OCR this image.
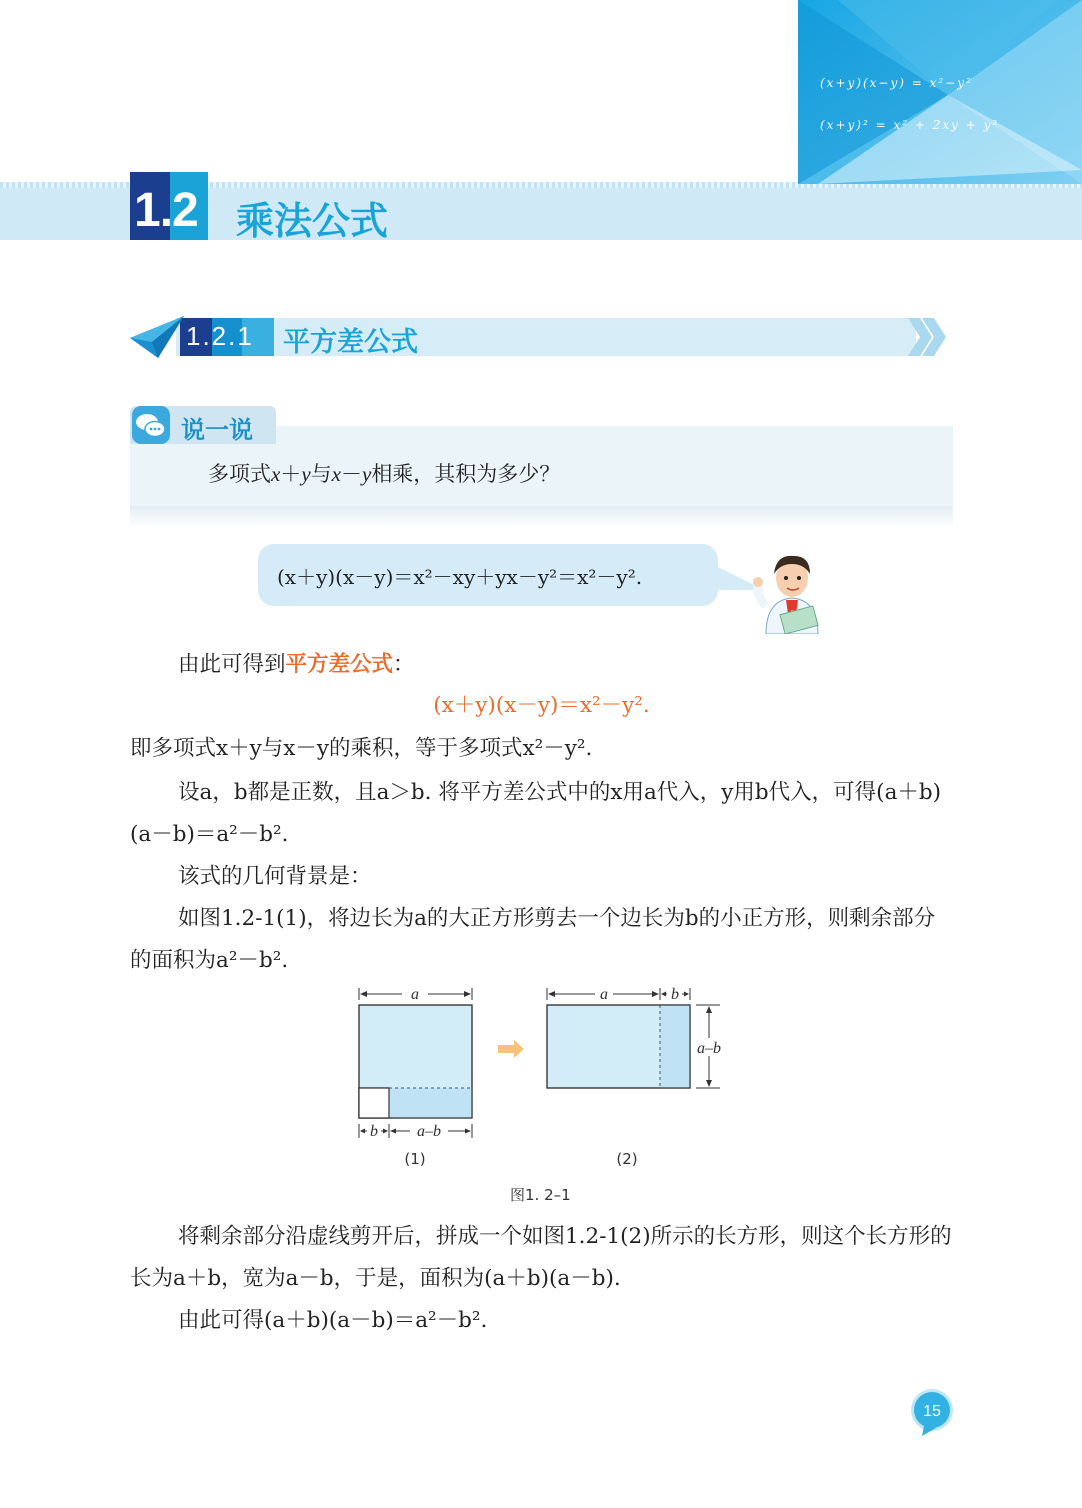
(x+y)(x−y) = x²−y²
(x+y)² = x² + 2xy + y²
1.2 乘法公式
1.2.1 平方差公式
说一说
多项式x＋y与x－y相乘，其积为多少？
(x＋y)(x－y)＝x²－xy＋yx－y²＝x²－y².

由此可得到平方差公式：

(x＋y)(x－y)＝x²－y².

即多项式x＋y与x－y的乘积，等于多项式x²－y².

设a，b都是正数，且a＞b. 将平方差公式中的x用a代入，y用b代入，可得(a＋b)(a－b)＝a²－b².

该式的几何背景是：

如图1.2-1(1)，将边长为a的大正方形剪去一个边长为b的小正方形，则剩余部分的面积为a²－b².

a
b a–b
a	b
a–b
(1)	(2)
图1. 2–1

将剩余部分沿虚线剪开后，拼成一个如图1.2-1(2)所示的长方形，则这个长方形的长为a＋b，宽为a－b，于是，面积为(a＋b)(a－b).

由此可得(a＋b)(a－b)＝a²－b².

15
